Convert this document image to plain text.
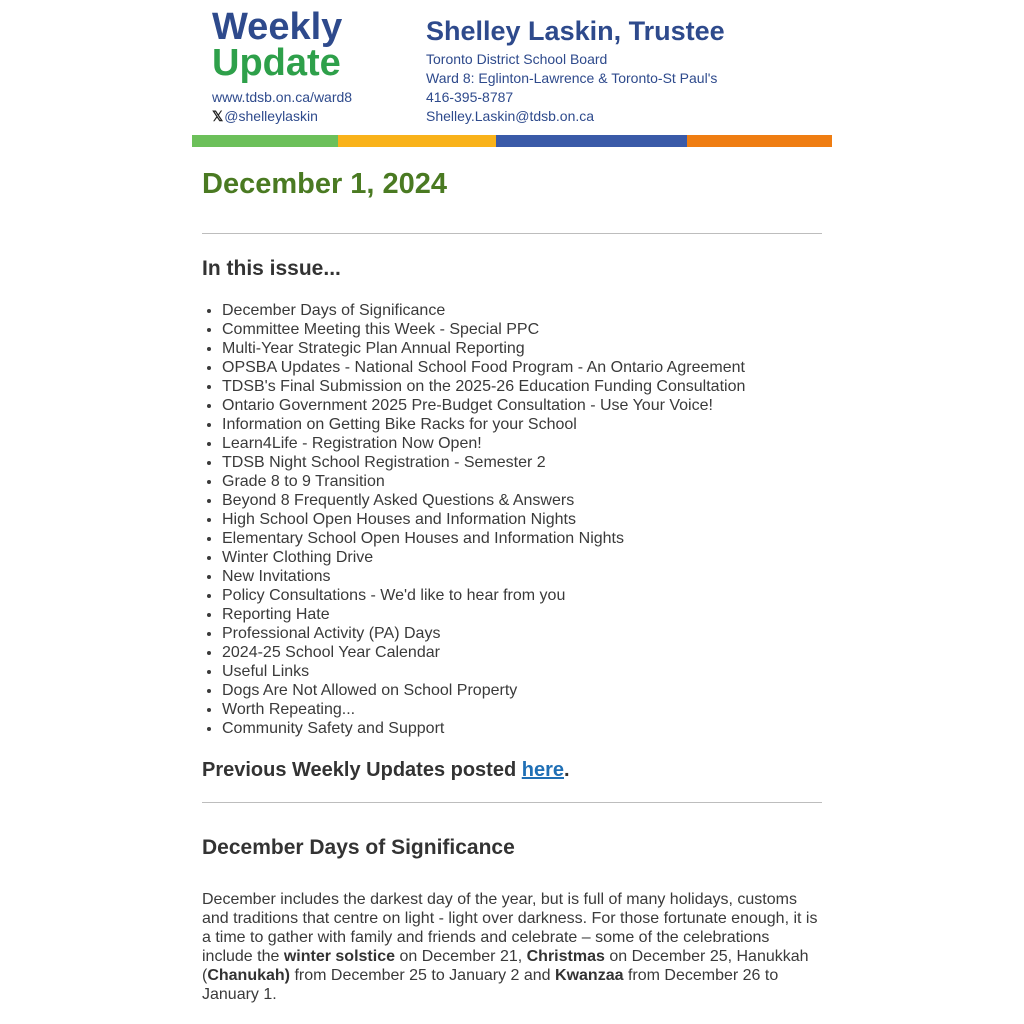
Weekly
Update
www.tdsb.on.ca/ward8
𝕏@shelleylaskin
Shelley Laskin, Trustee
Toronto District School Board
Ward 8: Eglinton-Lawrence & Toronto-St Paul's
416-395-8787
Shelley.Laskin@tdsb.on.ca
December 1, 2024
In this issue...
• December Days of Significance
• Committee Meeting this Week - Special PPC
• Multi-Year Strategic Plan Annual Reporting
• OPSBA Updates - National School Food Program - An Ontario Agreement
• TDSB's Final Submission on the 2025-26 Education Funding Consultation
• Ontario Government 2025 Pre-Budget Consultation - Use Your Voice!
• Information on Getting Bike Racks for your School
• Learn4Life - Registration Now Open!
• TDSB Night School Registration - Semester 2
• Grade 8 to 9 Transition
• Beyond 8 Frequently Asked Questions & Answers
• High School Open Houses and Information Nights
• Elementary School Open Houses and Information Nights
• Winter Clothing Drive
• New Invitations
• Policy Consultations - We'd like to hear from you
• Reporting Hate
• Professional Activity (PA) Days
• 2024-25 School Year Calendar
• Useful Links
• Dogs Are Not Allowed on School Property
• Worth Repeating...
• Community Safety and Support
Previous Weekly Updates posted here.
December Days of Significance
December includes the darkest day of the year, but is full of many holidays, customs and traditions that centre on light - light over darkness. For those fortunate enough, it is a time to gather with family and friends and celebrate – some of the celebrations include the winter solstice on December 21, Christmas on December 25, Hanukkah (Chanukah) from December 25 to January 2 and Kwanzaa from December 26 to January 1.
